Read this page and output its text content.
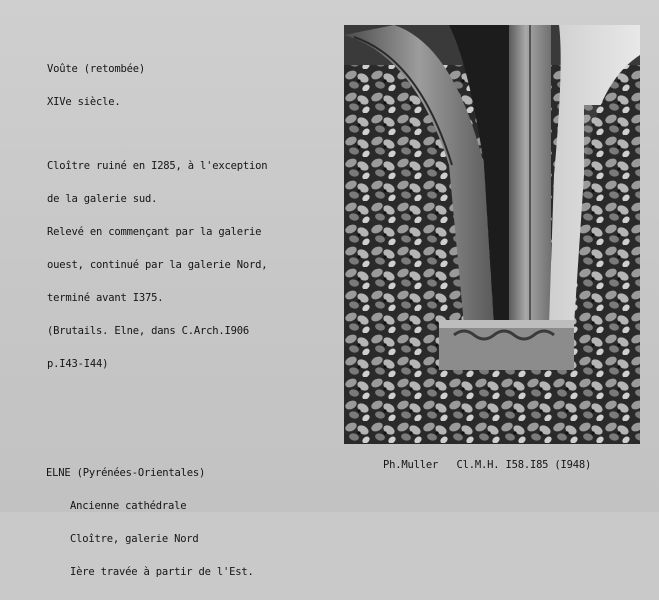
Voûte (retombée)

XIVe siècle.

Cloître ruiné en I285, à l'exception

de la galerie sud.

Relevé en commençant par la galerie

ouest, continué par la galerie Nord,

terminé avant I375.

(Brutails. Elne, dans C.Arch.I906

p.I43-I44)

ELNE (Pyrénées-Orientales)

Ancienne cathédrale

Cloître, galerie Nord

Ière travée à partir de l'Est.

Ph.Muller Cl.M.H. I58.I85 (I948)
